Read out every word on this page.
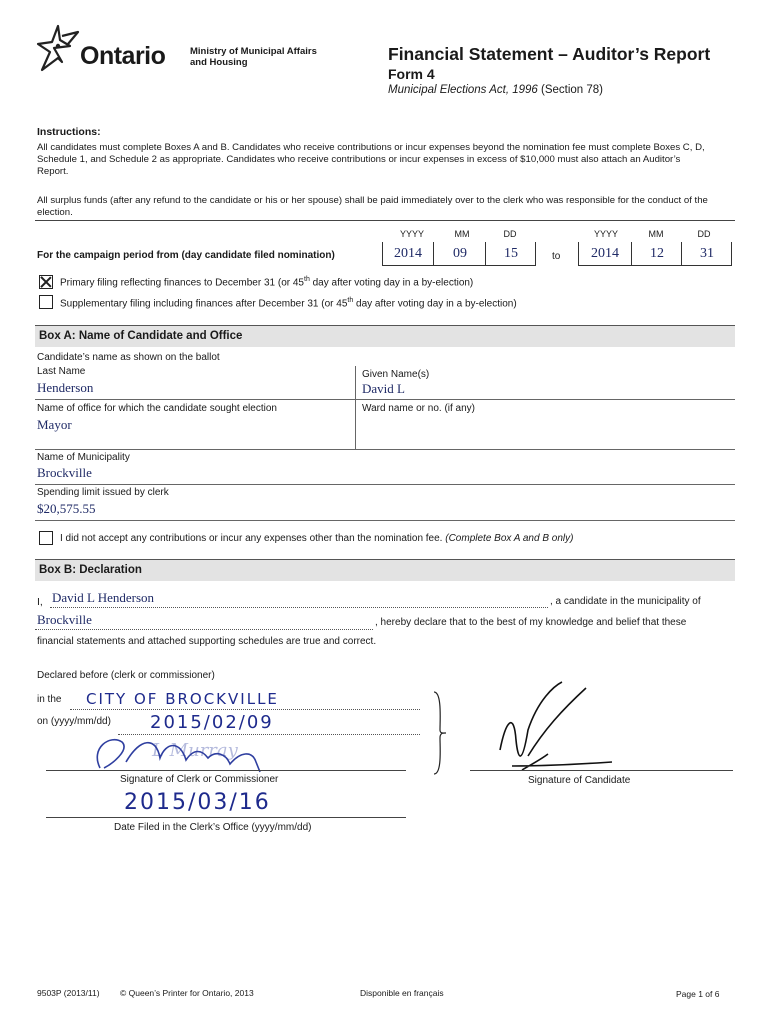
Ontario	Ministry of Municipal Affairs
and Housing	Financial Statement – Auditor’s Report
Form 4
Municipal Elections Act, 1996 (Section 78)
Instructions:
All candidates must complete Boxes A and B. Candidates who receive contributions or incur expenses beyond the nomination fee must complete Boxes C, D, Schedule 1, and Schedule 2 as appropriate. Candidates who receive contributions or incur expenses in excess of $10,000 must also attach an Auditor’s Report.
All surplus funds (after any refund to the candidate or his or her spouse) shall be paid immediately over to the clerk who was responsible for the conduct of the election.
YYYY	MM	DD	YYYY	MM	DD
For the campaign period from (day candidate filed nomination)	2014	09	15	to	2014	12	31
Primary filing reflecting finances to December 31 (or 45th day after voting day in a by-election)
Supplementary filing including finances after December 31 (or 45th day after voting day in a by-election)
Box A: Name of Candidate and Office
Candidate’s name as shown on the ballot
Last Name
Henderson
Given Name(s)
David L
Name of office for which the candidate sought election
Mayor
Ward name or no. (if any)
Name of Municipality
Brockville
Spending limit issued by clerk
$20,575.55
I did not accept any contributions or incur any expenses other than the nomination fee. (Complete Box A and B only)
Box B: Declaration
I, David L Henderson	, a candidate in the municipality of
Brockville	, hereby declare that to the best of my knowledge and belief that these
financial statements and attached supporting schedules are true and correct.
Declared before (clerk or commissioner)
in the CITY OF BROCKVILLE
on (yyyy/mm/dd) 2015/02/09
L Murray
Signature of Clerk or Commissioner
2015/03/16
Date Filed in the Clerk’s Office (yyyy/mm/dd)
Signature of Candidate
9503P (2013/11) © Queen’s Printer for Ontario, 2013	Disponible en français	Page 1 of 6
